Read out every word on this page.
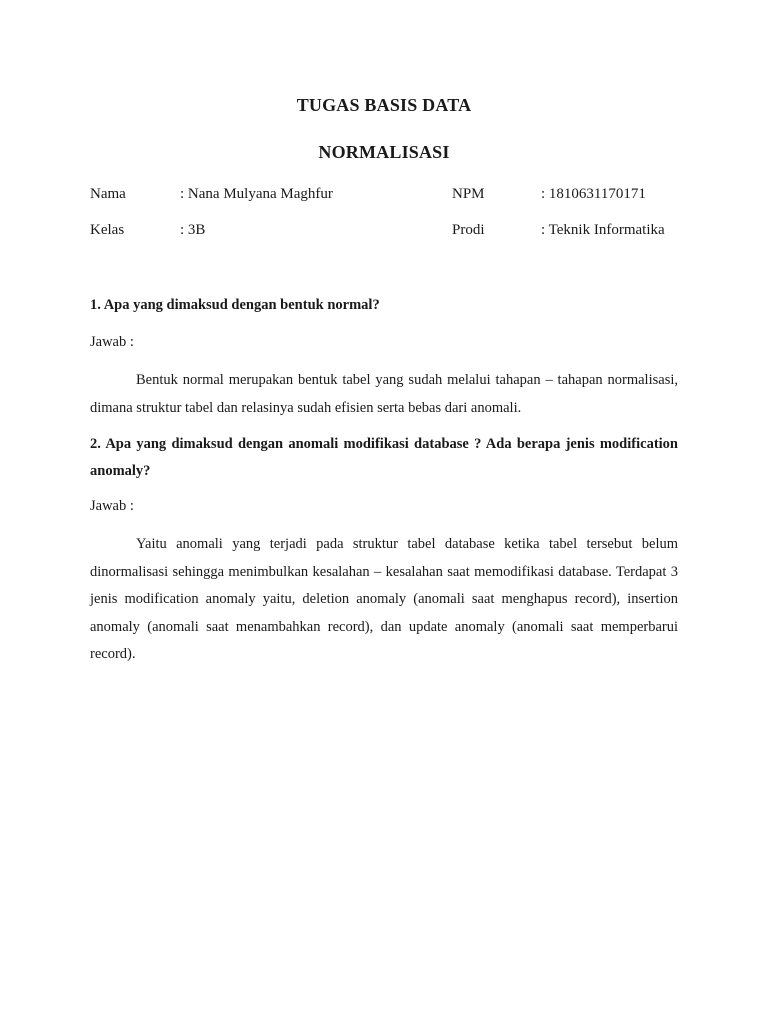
TUGAS BASIS DATA
NORMALISASI
Nama	: Nana Mulyana Maghfur	NPM	: 1810631170171
Kelas	: 3B	Prodi	: Teknik Informatika
1. Apa yang dimaksud dengan bentuk normal?
Jawab :
Bentuk normal merupakan bentuk tabel yang sudah melalui tahapan – tahapan normalisasi, dimana struktur tabel dan relasinya sudah efisien serta bebas dari anomali.
2. Apa yang dimaksud dengan anomali modifikasi database ? Ada berapa jenis modification anomaly?
Jawab :
Yaitu anomali yang terjadi pada struktur tabel database ketika tabel tersebut belum dinormalisasi sehingga menimbulkan kesalahan – kesalahan saat memodifikasi database. Terdapat 3 jenis modification anomaly yaitu, deletion anomaly (anomali saat menghapus record), insertion anomaly (anomali saat menambahkan record), dan update anomaly (anomali saat memperbarui record).
